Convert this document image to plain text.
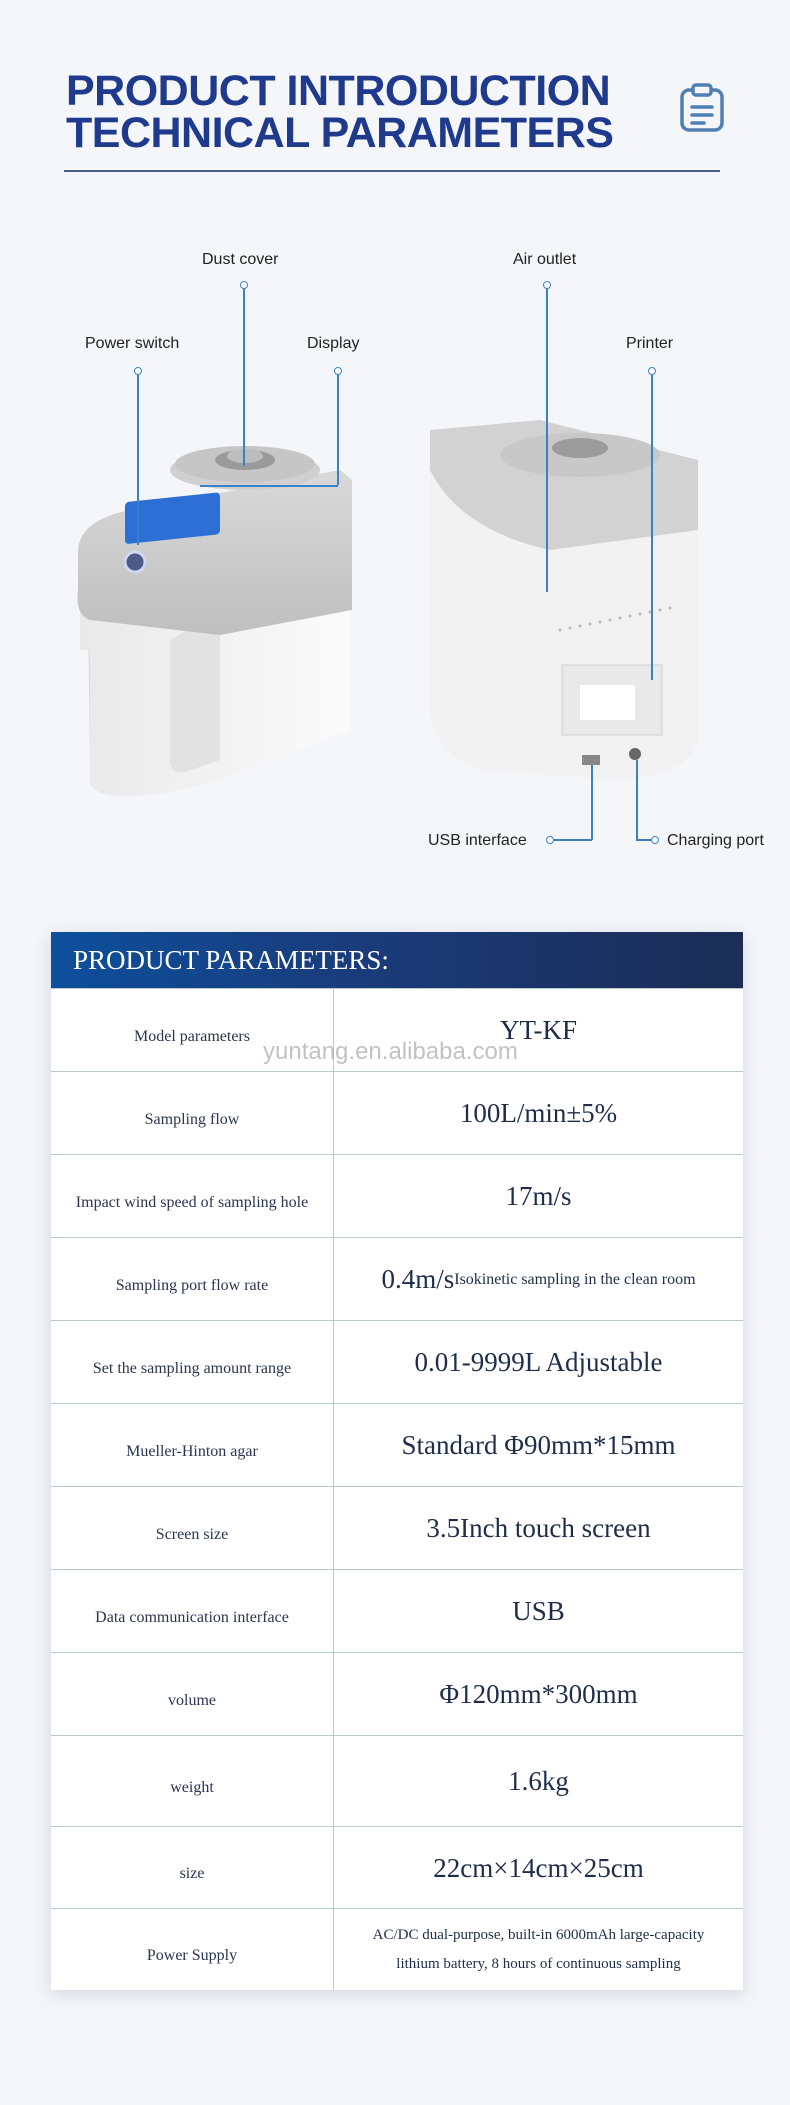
PRODUCT INTRODUCTION
TECHNICAL PARAMETERS
Dust cover
Power switch	Display
Air outlet
Printer
USB interface	Charging port
PRODUCT PARAMETERS:
Model parameters	YT-KF
Sampling flow	100L/min±5%
Impact wind speed of sampling hole	17m/s
Sampling port flow rate	0.4m/s Isokinetic sampling in the clean room
Set the sampling amount range	0.01-9999L Adjustable
Mueller-Hinton agar	Standard Φ90mm*15mm
Screen size	3.5Inch touch screen
Data communication interface	USB
volume	Φ120mm*300mm
weight	1.6kg
size	22cm×14cm×25cm
Power Supply
AC/DC dual-purpose, built-in 6000mAh large-capacity
lithium battery, 8 hours of continuous sampling
yuntang.en.alibaba.com
